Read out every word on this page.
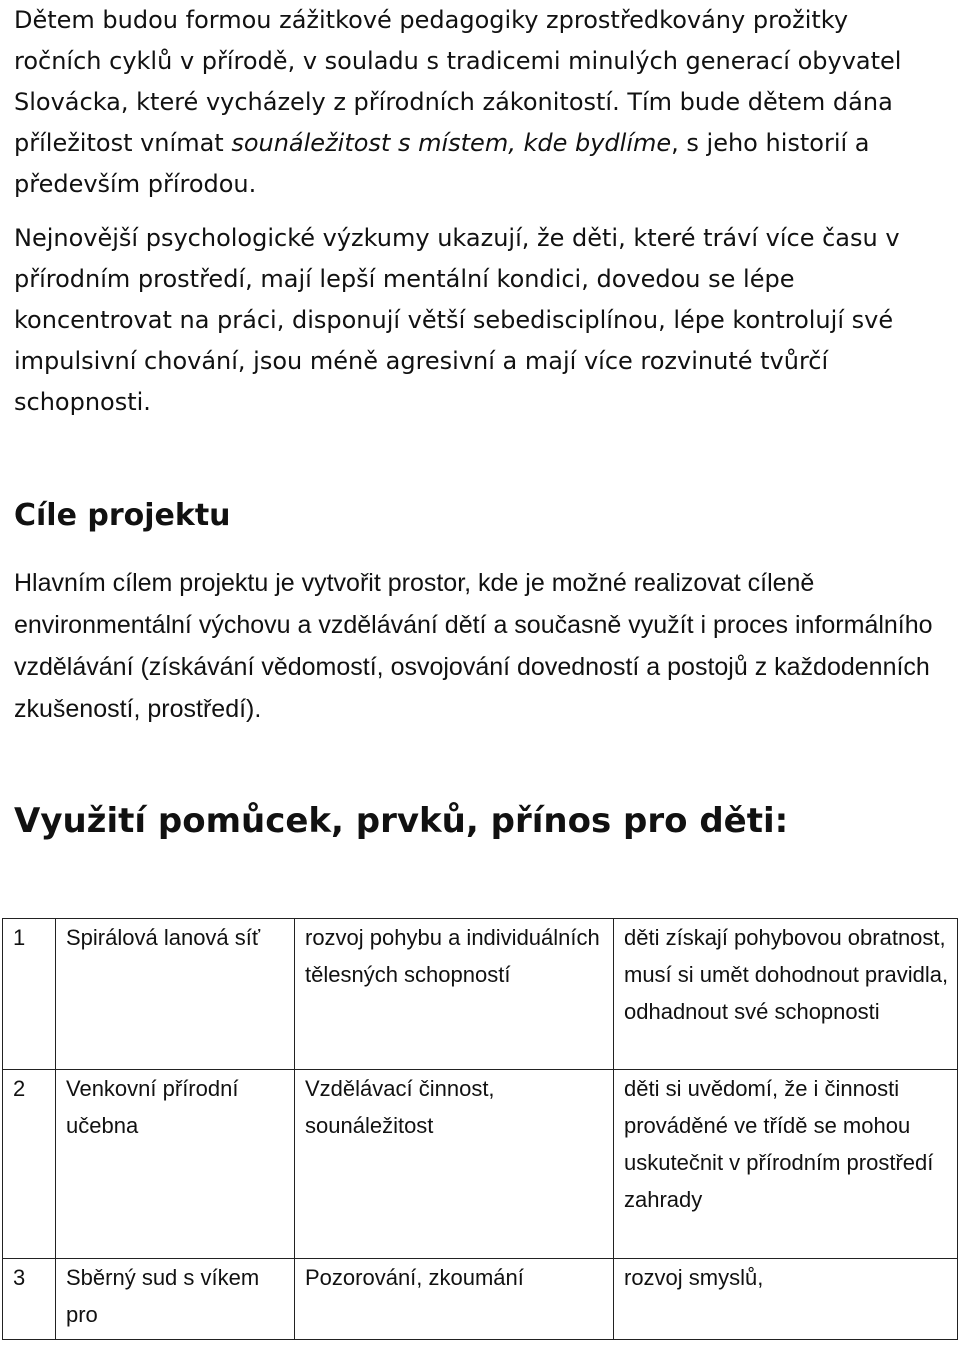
Dětem budou formou zážitkové pedagogiky zprostředkovány prožitky ročních cyklů v přírodě, v souladu s tradicemi minulých generací obyvatel Slovácka, které vycházely z přírodních zákonitostí. Tím bude dětem dána příležitost vnímat sounáležitost s místem, kde bydlíme, s jeho historií a především přírodou.

Nejnovější psychologické výzkumy ukazují, že děti, které tráví více času v přírodním prostředí, mají lepší mentální kondici, dovedou se lépe koncentrovat na práci, disponují větší sebedisciplínou, lépe kontrolují své impulsivní chování, jsou méně agresivní a mají více rozvinuté tvůrčí schopnosti.

Cíle projektu

Hlavním cílem projektu je vytvořit prostor, kde je možné realizovat cíleně environmentální výchovu a vzdělávání dětí a současně využít i proces informálního vzdělávání (získávání vědomostí, osvojování dovedností a postojů z každodenních zkušeností, prostředí).

Využití pomůcek, prvků, přínos pro děti:
1	Spirálová lanová síť	rozvoj pohybu a individuálních tělesných schopností	děti získají pohybovou obratnost, musí si umět dohodnout pravidla, odhadnout své schopnosti
2	Venkovní přírodní učebna	Vzdělávací činnost, sounáležitost	děti si uvědomí, že i činnosti prováděné ve třídě se mohou uskutečnit v přírodním prostředí zahrady
3	Sběrný sud s víkem pro	Pozorování, zkoumání	rozvoj smyslů,
